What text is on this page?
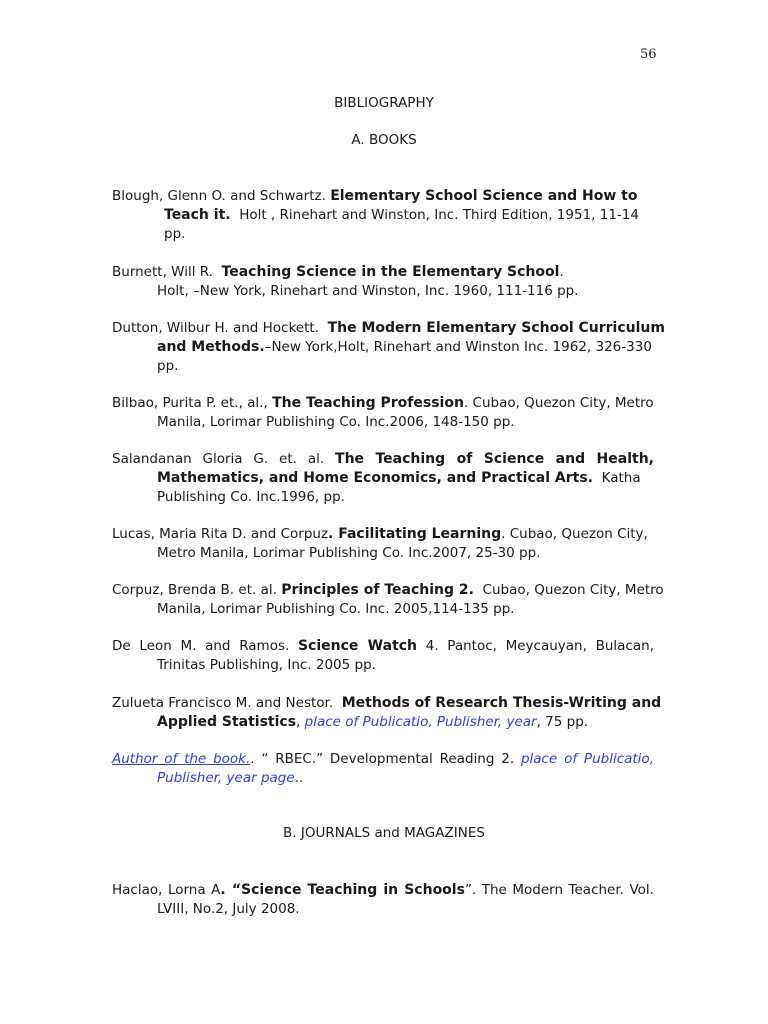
56
BIBLIOGRAPHY
A. BOOKS
Blough, Glenn O. and Schwartz. Elementary School Science and How to
Teach it. Holt , Rinehart and Winston, Inc. Third Edition, 1951, 11-14
pp.
Burnett, Will R. Teaching Science in the Elementary School.
Holt, –New York, Rinehart and Winston, Inc. 1960, 111-116 pp.
Dutton, Wilbur H. and Hockett. The Modern Elementary School Curriculum
and Methods.–New York,Holt, Rinehart and Winston Inc. 1962, 326-330
pp.
Bilbao, Purita P. et., al., The Teaching Profession. Cubao, Quezon City, Metro
Manila, Lorimar Publishing Co. Inc.2006, 148-150 pp.
Salandanan Gloria G. et. al. The Teaching of Science and Health,
Mathematics, and Home Economics, and Practical Arts. Katha
Publishing Co. Inc.1996, pp.
Lucas, Maria Rita D. and Corpuz. Facilitating Learning. Cubao, Quezon City,
Metro Manila, Lorimar Publishing Co. Inc.2007, 25-30 pp.
Corpuz, Brenda B. et. al. Principles of Teaching 2. Cubao, Quezon City, Metro
Manila, Lorimar Publishing Co. Inc. 2005,114-135 pp.
De Leon M. and Ramos. Science Watch 4. Pantoc, Meycauyan, Bulacan,
Trinitas Publishing, Inc. 2005 pp.
Zulueta Francisco M. and Nestor. Methods of Research Thesis-Writing and
Applied Statistics, place of Publicatio, Publisher, year, 75 pp.
Author of the book.. “ RBEC.” Developmental Reading 2. place of Publicatio,
Publisher, year page..
B. JOURNALS and MAGAZINES
Haclao, Lorna A. “Science Teaching in Schools”. The Modern Teacher. Vol.
LVIII, No.2, July 2008.
